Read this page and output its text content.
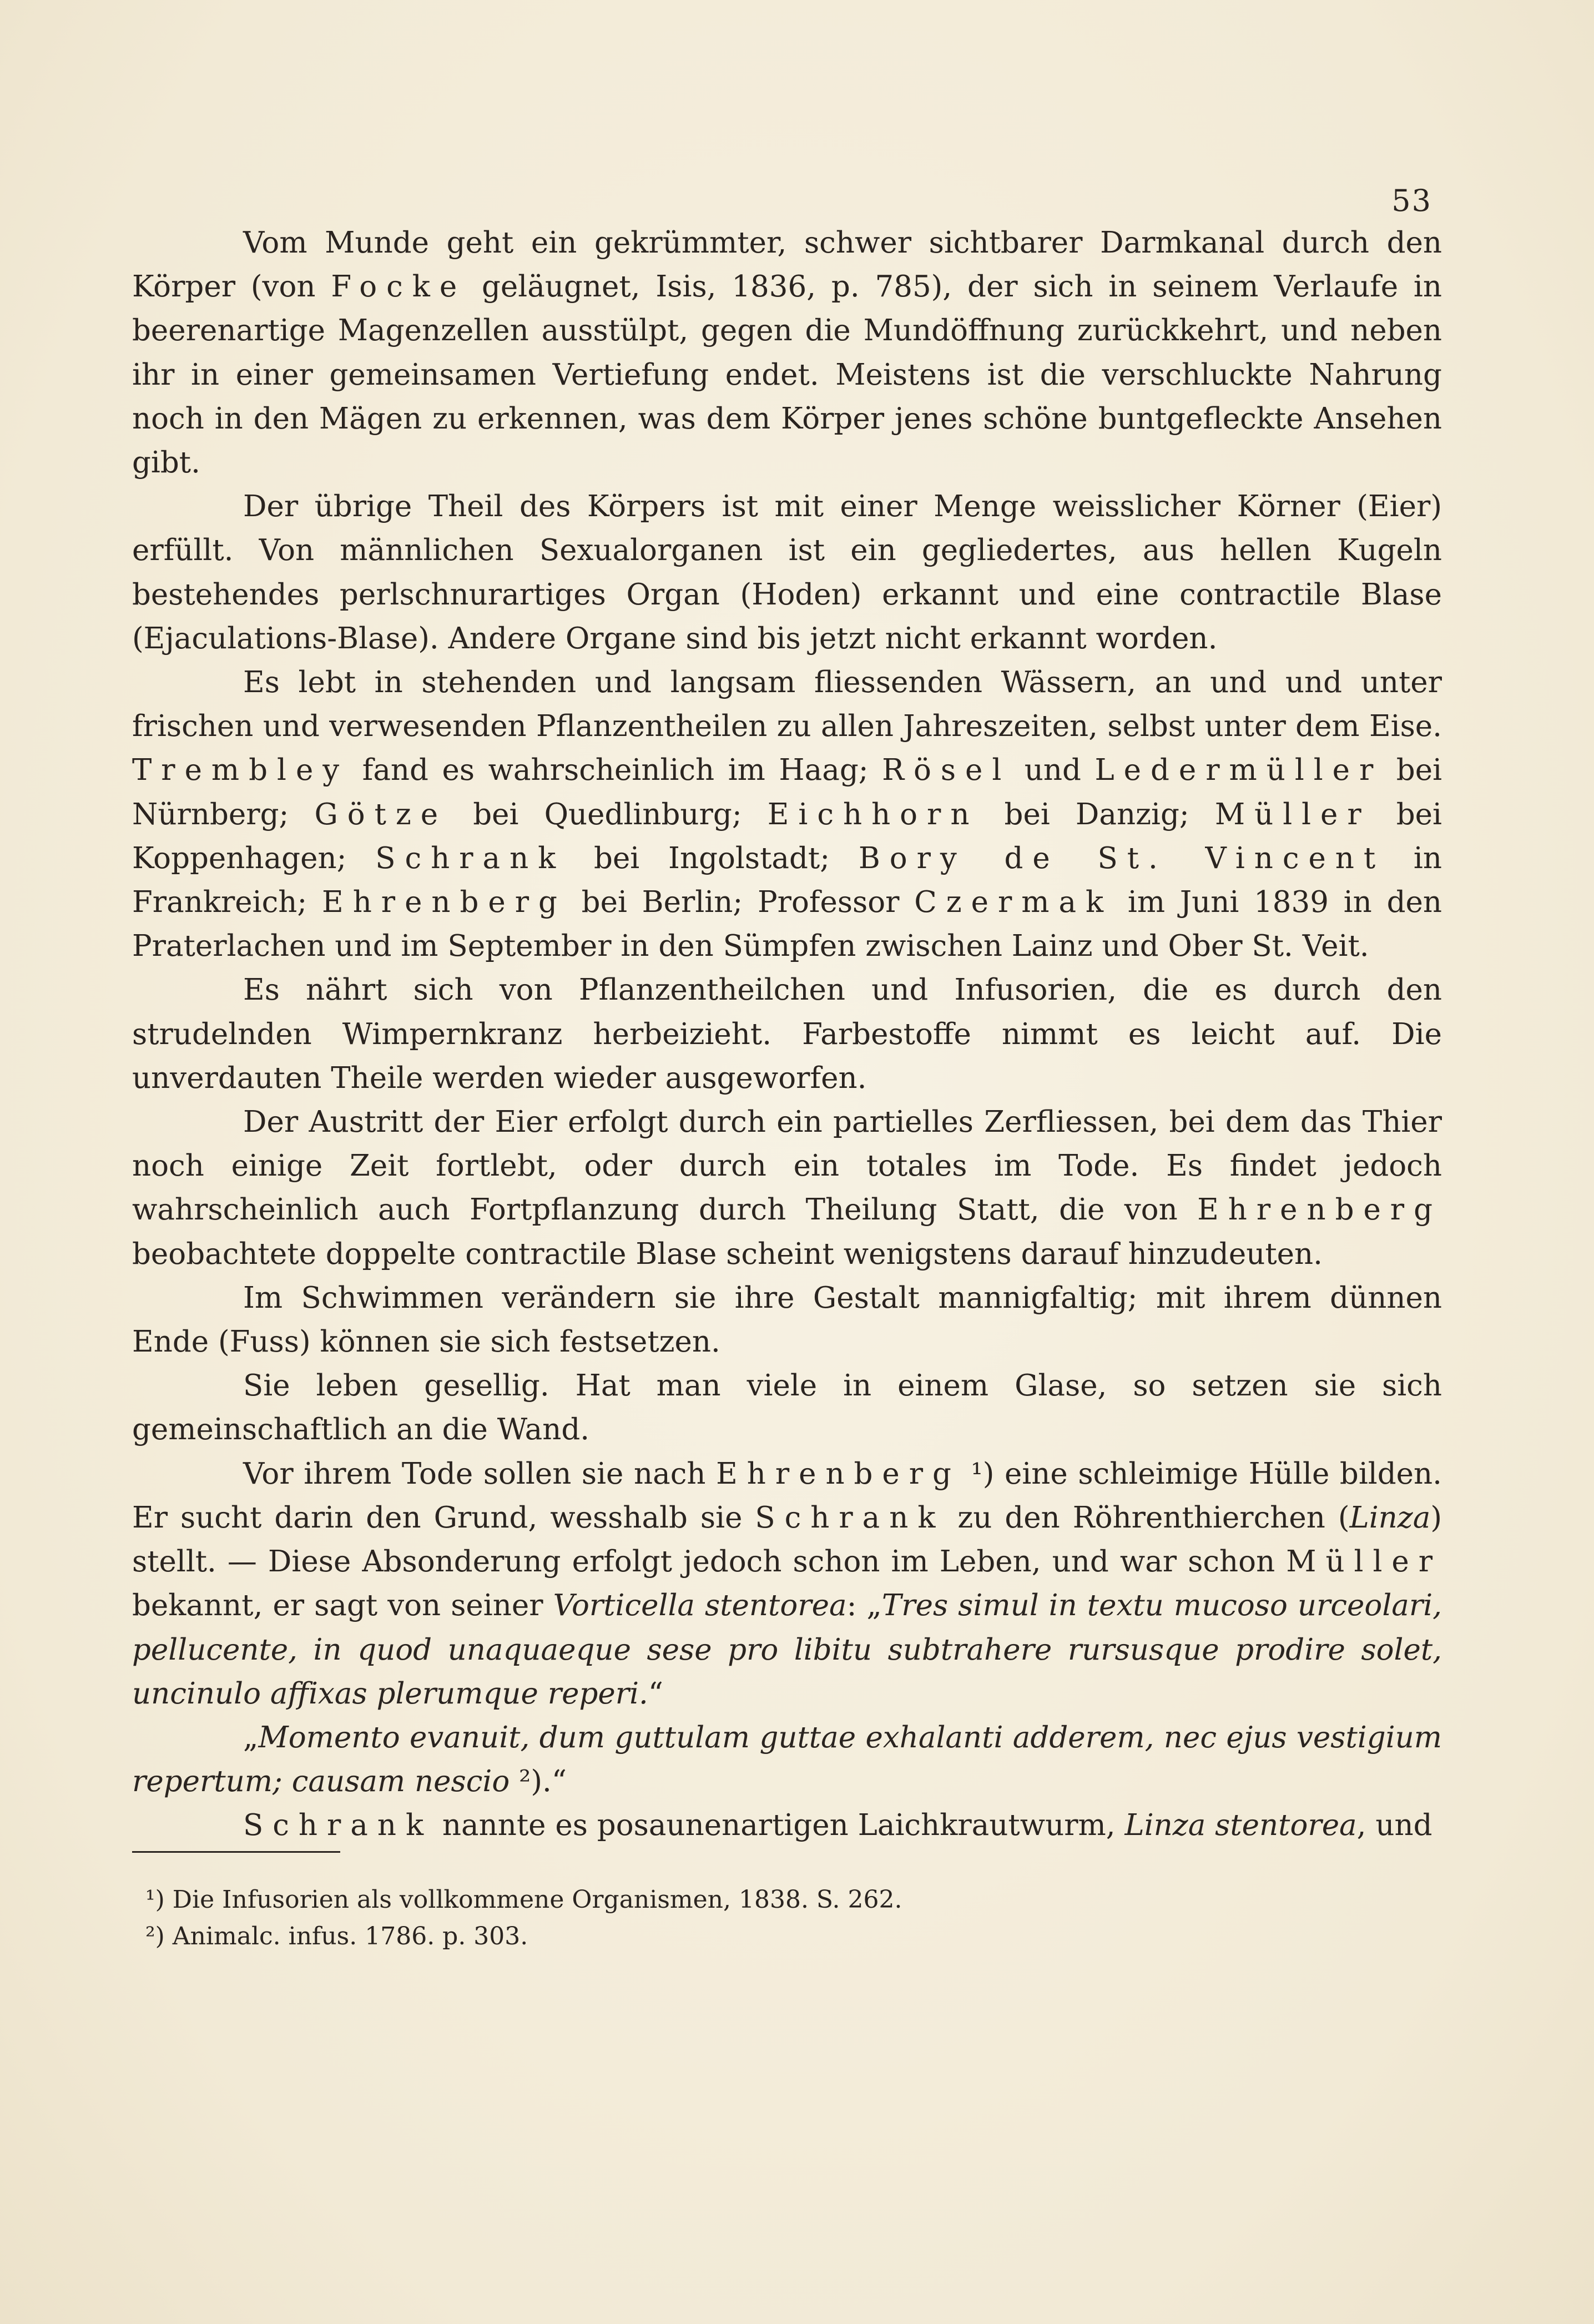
53

Vom Munde geht ein gekrümmter, schwer sichtbarer Darmkanal durch den Körper (von Focke geläugnet, Isis, 1836, p. 785), der sich in seinem Verlaufe in beerenartige Magenzellen ausstülpt, gegen die Mundöffnung zurückkehrt, und neben ihr in einer gemeinsamen Vertiefung endet. Meistens ist die verschluckte Nahrung noch in den Mägen zu erkennen, was dem Körper jenes schöne buntgefleckte Ansehen gibt.

Der übrige Theil des Körpers ist mit einer Menge weisslicher Körner (Eier) erfüllt. Von männlichen Sexualorganen ist ein gegliedertes, aus hellen Kugeln bestehendes perlschnurartiges Organ (Hoden) erkannt und eine contractile Blase (Ejaculations-Blase). Andere Organe sind bis jetzt nicht erkannt worden.

Es lebt in stehenden und langsam fliessenden Wässern, an und und unter frischen und verwesenden Pflanzentheilen zu allen Jahreszeiten, selbst unter dem Eise. Trembley fand es wahrscheinlich im Haag; Rösel und Ledermüller bei Nürnberg; Götze bei Quedlinburg; Eichhorn bei Danzig; Müller bei Koppenhagen; Schrank bei Ingolstadt; Bory de St. Vincent in Frankreich; Ehrenberg bei Berlin; Professor Czermak im Juni 1839 in den Praterlachen und im September in den Sümpfen zwischen Lainz und Ober St. Veit.

Es nährt sich von Pflanzentheilchen und Infusorien, die es durch den strudelnden Wimpernkranz herbeizieht. Farbestoffe nimmt es leicht auf. Die unverdauten Theile werden wieder ausgeworfen.

Der Austritt der Eier erfolgt durch ein partielles Zerfliessen, bei dem das Thier noch einige Zeit fortlebt, oder durch ein totales im Tode. Es findet jedoch wahrscheinlich auch Fortpflanzung durch Theilung Statt, die von Ehrenberg beobachtete doppelte contractile Blase scheint wenigstens darauf hinzudeuten.

Im Schwimmen verändern sie ihre Gestalt mannigfaltig; mit ihrem dünnen Ende (Fuss) können sie sich festsetzen.

Sie leben gesellig. Hat man viele in einem Glase, so setzen sie sich gemeinschaftlich an die Wand.

Vor ihrem Tode sollen sie nach Ehrenberg ¹) eine schleimige Hülle bilden. Er sucht darin den Grund, wesshalb sie Schrank zu den Röhrenthierchen (Linza) stellt. — Diese Absonderung erfolgt jedoch schon im Leben, und war schon Müller bekannt, er sagt von seiner Vorticella stentorea: „Tres simul in textu mucoso urceolari, pellucente, in quod unaquaeque sese pro libitu subtrahere rursusque prodire solet, uncinulo affixas plerumque reperi.“

„Momento evanuit, dum guttulam guttae exhalanti adderem, nec ejus vestigium repertum; causam nescio ²).“

Schrank nannte es posaunenartigen Laichkrautwurm, Linza stentorea, und

¹) Die Infusorien als vollkommene Organismen, 1838. S. 262.
²) Animalc. infus. 1786. p. 303.
